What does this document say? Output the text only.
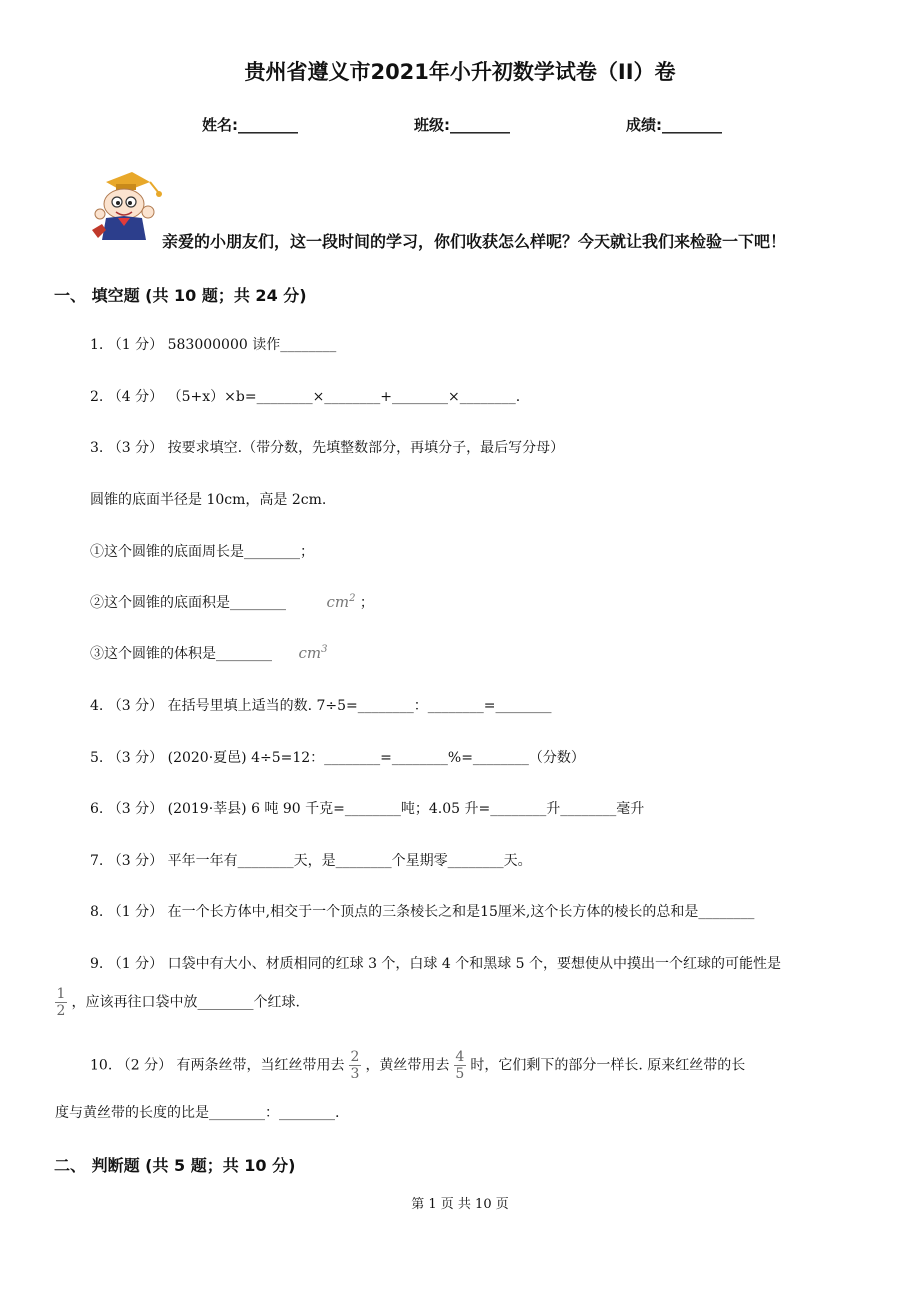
贵州省遵义市2021年小升初数学试卷（II）卷
姓名:________	班级:________	成绩:________
亲爱的小朋友们，这一段时间的学习，你们收获怎么样呢？今天就让我们来检验一下吧！
一、 填空题 (共 10 题；共 24 分)
1. （1 分） 583000000 读作________
2. （4 分） （5+x）×b=________×________+________×________.
3. （3 分） 按要求填空.（带分数，先填整数部分，再填分子，最后写分母）
圆锥的底面半径是 10cm，高是 2cm.
①这个圆锥的底面周长是________；
②这个圆锥的底面积是________	$cm^2$ ；
③这个圆锥的体积是________ $cm^3$
4. （3 分） 在括号里填上适当的数. 7÷5=________：________=________
5. （3 分） (2020·夏邑) 4÷5=12：________=________%=________（分数）
6. （3 分） (2019·莘县) 6 吨 90 千克=________吨；4.05 升=________升________毫升
7. （3 分） 平年一年有________天，是________个星期零________天。
8. （1 分） 在一个长方体中,相交于一个顶点的三条棱长之和是15厘米,这个长方体的棱长的总和是________
9. （1 分） 口袋中有大小、材质相同的红球 3 个，白球 4 个和黑球 5 个，要想使从中摸出一个红球的可能性是
$\frac{1}{2}$ ，应该再往口袋中放________个红球.
10. （2 分） 有两条丝带，当红丝带用去 $\frac{2}{3}$ ，黄丝带用去 $\frac{4}{5}$ 时，它们剩下的部分一样长. 原来红丝带的长
度与黄丝带的长度的比是________：________.
二、 判断题 (共 5 题；共 10 分)
第 1 页 共 10 页
